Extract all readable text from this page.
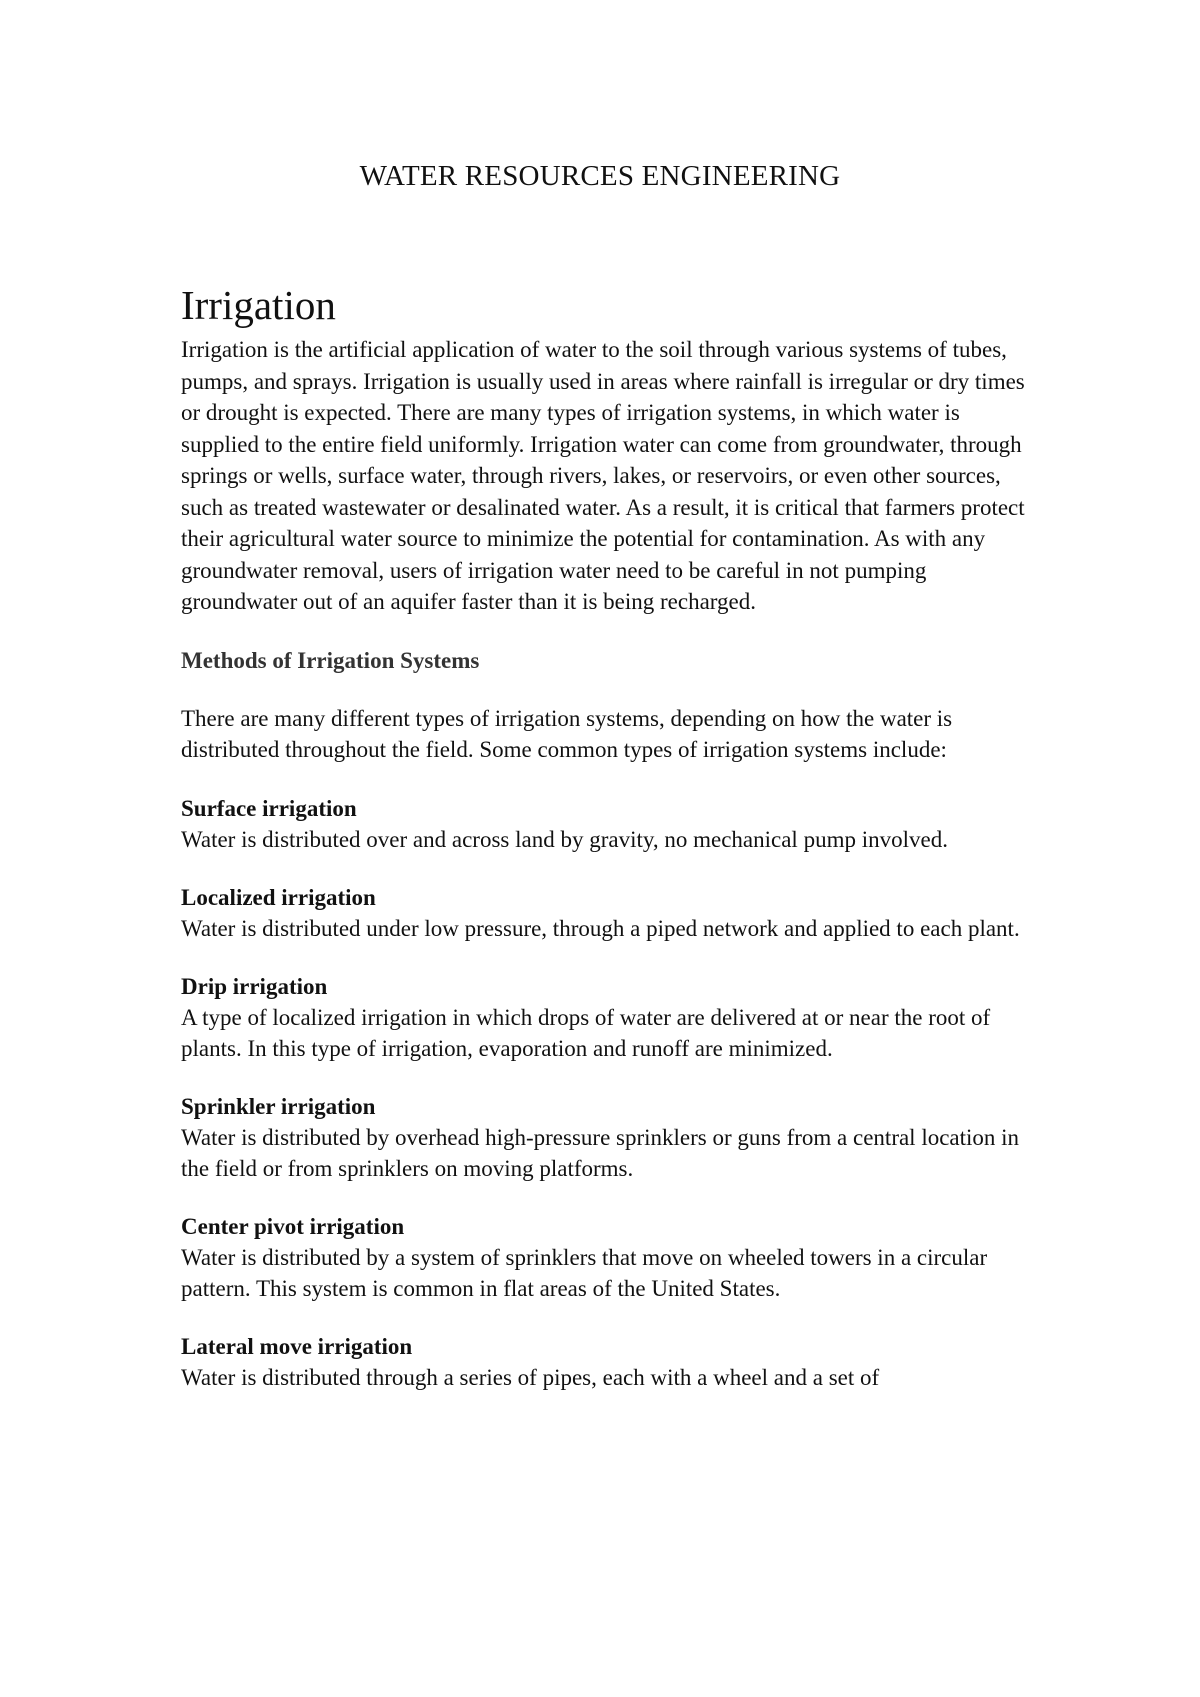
WATER RESOURCES ENGINEERING
Irrigation

Irrigation is the artificial application of water to the soil through various systems of tubes, pumps, and sprays. Irrigation is usually used in areas where rainfall is irregular or dry times or drought is expected. There are many types of irrigation systems, in which water is supplied to the entire field uniformly. Irrigation water can come from groundwater, through springs or wells, surface water, through rivers, lakes, or reservoirs, or even other sources, such as treated wastewater or desalinated water. As a result, it is critical that farmers protect their agricultural water source to minimize the potential for contamination. As with any groundwater removal, users of irrigation water need to be careful in not pumping groundwater out of an aquifer faster than it is being recharged.

Methods of Irrigation Systems

There are many different types of irrigation systems, depending on how the water is distributed throughout the field. Some common types of irrigation systems include:

Surface irrigation

Water is distributed over and across land by gravity, no mechanical pump involved.

Localized irrigation

Water is distributed under low pressure, through a piped network and applied to each plant.

Drip irrigation

A type of localized irrigation in which drops of water are delivered at or near the root of plants. In this type of irrigation, evaporation and runoff are minimized.

Sprinkler irrigation

Water is distributed by overhead high-pressure sprinklers or guns from a central location in the field or from sprinklers on moving platforms.

Center pivot irrigation

Water is distributed by a system of sprinklers that move on wheeled towers in a circular pattern. This system is common in flat areas of the United States.

Lateral move irrigation

Water is distributed through a series of pipes, each with a wheel and a set of
